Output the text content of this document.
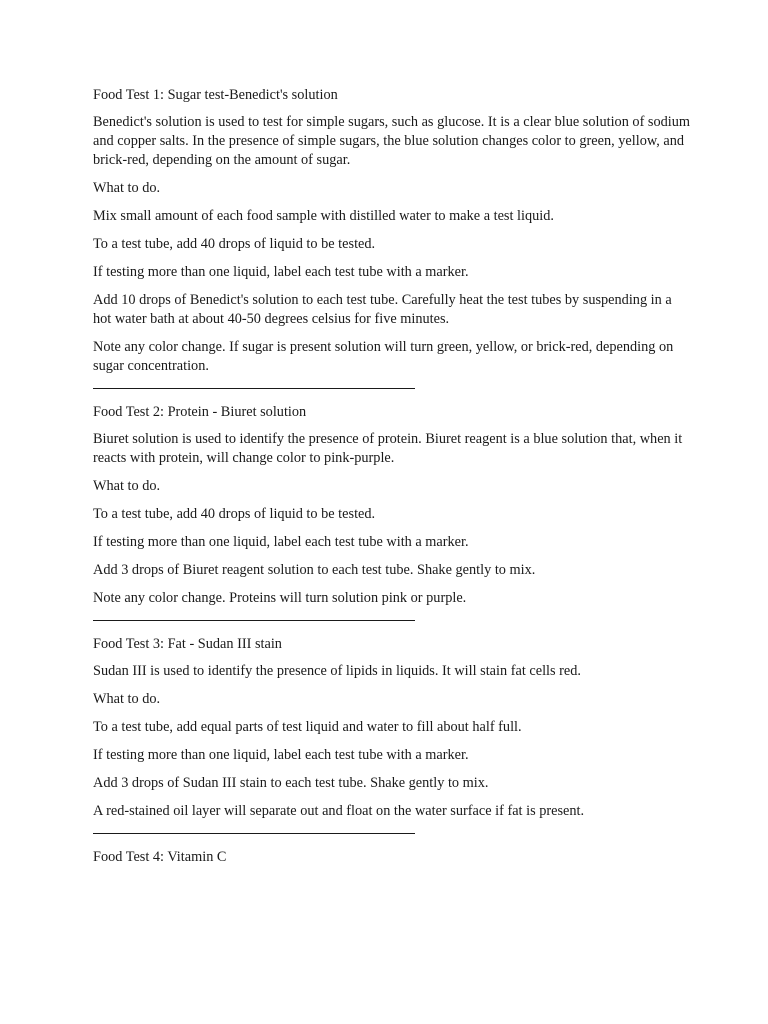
Food Test 1: Sugar test-Benedict's solution

Benedict's solution is used to test for simple sugars, such as glucose. It is a clear blue solution of sodium and copper salts. In the presence of simple sugars, the blue solution changes color to green, yellow, and brick-red, depending on the amount of sugar.

What to do.

Mix small amount of each food sample with distilled water to make a test liquid.

To a test tube, add 40 drops of liquid to be tested.

If testing more than one liquid, label each test tube with a marker.

Add 10 drops of Benedict's solution to each test tube. Carefully heat the test tubes by suspending in a hot water bath at about 40-50 degrees celsius for five minutes.

Note any color change. If sugar is present solution will turn green, yellow, or brick-red, depending on sugar concentration.

Food Test 2: Protein - Biuret solution

Biuret solution is used to identify the presence of protein. Biuret reagent is a blue solution that, when it reacts with protein, will change color to pink-purple.

What to do.

To a test tube, add 40 drops of liquid to be tested.

If testing more than one liquid, label each test tube with a marker.

Add 3 drops of Biuret reagent solution to each test tube. Shake gently to mix.

Note any color change. Proteins will turn solution pink or purple.

Food Test 3: Fat - Sudan III stain

Sudan III is used to identify the presence of lipids in liquids. It will stain fat cells red.

What to do.

To a test tube, add equal parts of test liquid and water to fill about half full.

If testing more than one liquid, label each test tube with a marker.

Add 3 drops of Sudan III stain to each test tube. Shake gently to mix.

A red-stained oil layer will separate out and float on the water surface if fat is present.

Food Test 4: Vitamin C
